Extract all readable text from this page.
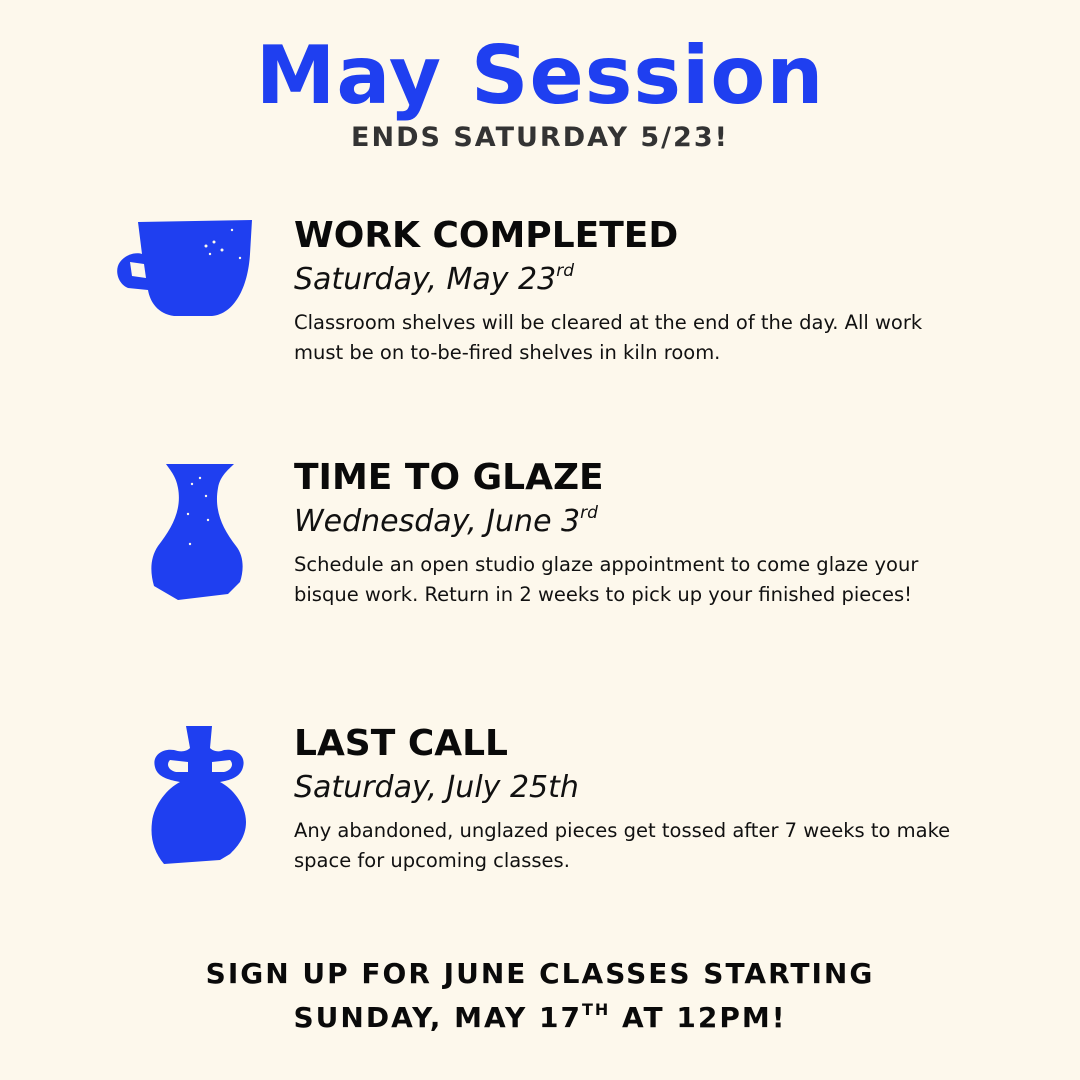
May Session
ENDS SATURDAY 5/23!
WORK COMPLETED
Saturday, May 23rd
Classroom shelves will be cleared at the end of the day. All work must be on to-be-fired shelves in kiln room.
TIME TO GLAZE
Wednesday, June 3rd
Schedule an open studio glaze appointment to come glaze your bisque work. Return in 2 weeks to pick up your finished pieces!
LAST CALL
Saturday, July 25th
Any abandoned, unglazed pieces get tossed after 7 weeks to make space for upcoming classes.
SIGN UP FOR JUNE CLASSES STARTING
SUNDAY, MAY 17TH AT 12PM!
